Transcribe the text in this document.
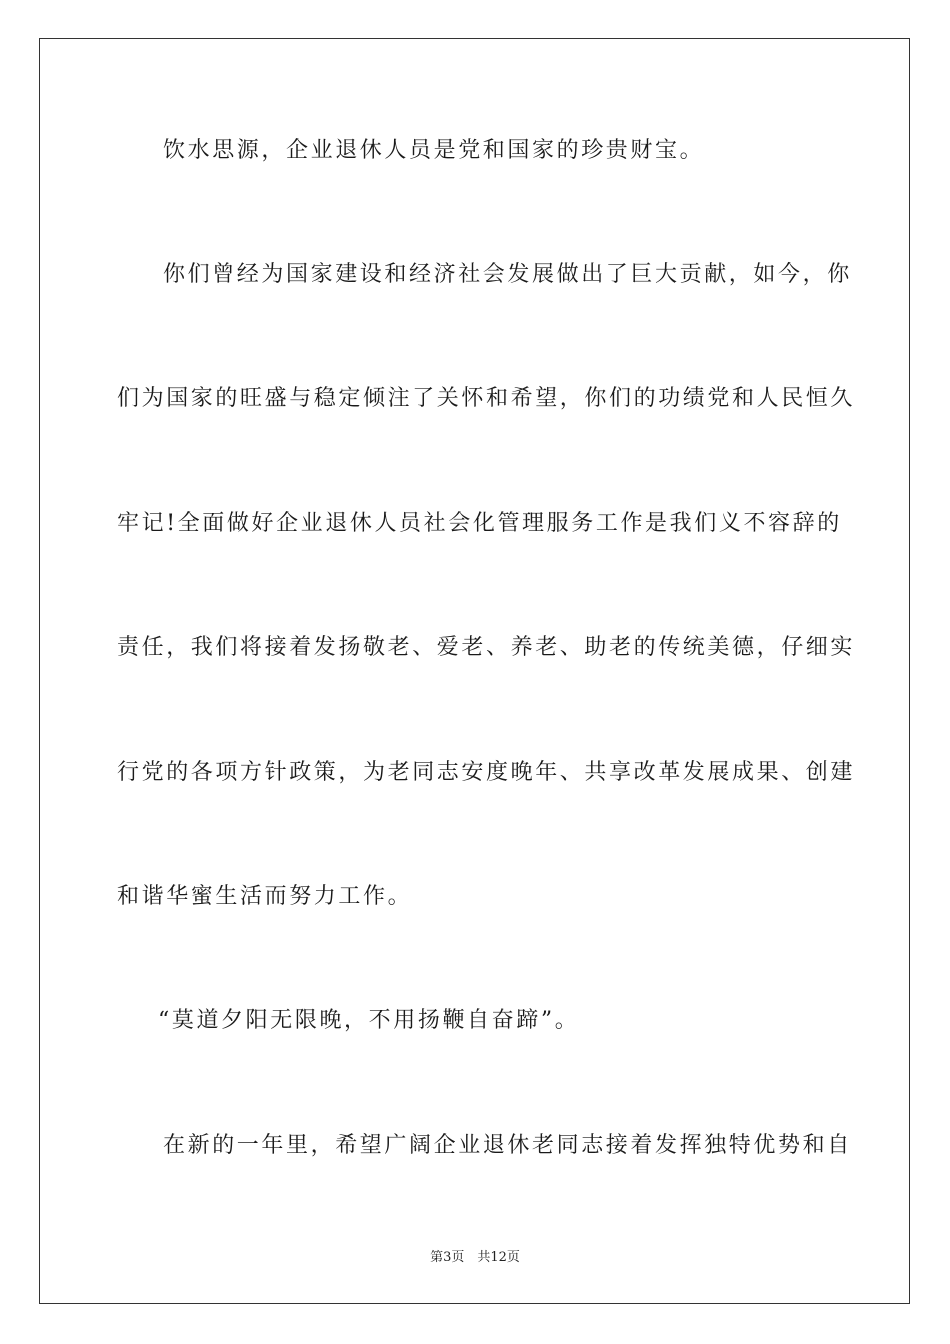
饮水思源，企业退休人员是党和国家的珍贵财宝。
你们曾经为国家建设和经济社会发展做出了巨大贡献，如今，你
们为国家的旺盛与稳定倾注了关怀和希望，你们的功绩党和人民恒久
牢记!全面做好企业退休人员社会化管理服务工作是我们义不容辞的
责任，我们将接着发扬敬老、爱老、养老、助老的传统美德，仔细实
行党的各项方针政策，为老同志安度晚年、共享改革发展成果、创建
和谐华蜜生活而努力工作。
“莫道夕阳无限晚，不用扬鞭自奋蹄”。
在新的一年里，希望广阔企业退休老同志接着发挥独特优势和自
第3页　共12页
